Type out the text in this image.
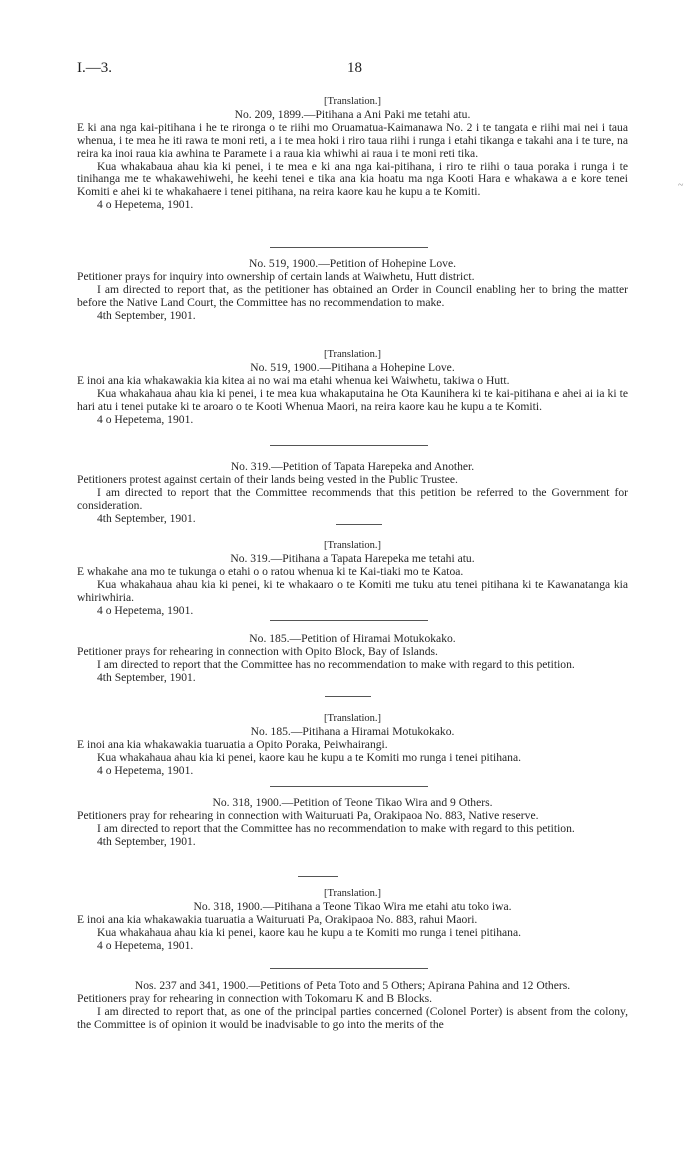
I.—3.	18

[Translation.]

No. 209, 1899.—Pitihana a Ani Paki me tetahi atu.

E ki ana nga kai-pitihana i he te rironga o te riihi mo Oruamatua-Kaimanawa No. 2 i te tangata e riihi mai nei i taua whenua, i te mea he iti rawa te moni reti, a i te mea hoki i riro taua riihi i runga i etahi tikanga e takahi ana i te ture, na reira ka inoi raua kia awhina te Paramete i a raua kia whiwhi ai raua i te moni reti tika.

Kua whakabaua ahau kia ki penei, i te mea e ki ana nga kai-pitihana, i riro te riihi o taua poraka i runga i te tinihanga me te whakawehiwehi, he keehi tenei e tika ana kia hoatu ma nga Kooti Hara e whakawa a e kore tenei Komiti e ahei ki te whakahaere i tenei pitihana, na reira kaore kau he kupu a te Komiti.

4 o Hepetema, 1901.

No. 519, 1900.—Petition of Hohepine Love.

Petitioner prays for inquiry into ownership of certain lands at Waiwhetu, Hutt district.

I am directed to report that, as the petitioner has obtained an Order in Council enabling her to bring the matter before the Native Land Court, the Committee has no recommendation to make.

4th September, 1901.

[Translation.]

No. 519, 1900.—Pitihana a Hohepine Love.

E inoi ana kia whakawakia kia kitea ai no wai ma etahi whenua kei Waiwhetu, takiwa o Hutt.

Kua whakahaua ahau kia ki penei, i te mea kua whakaputaina he Ota Kaunihera ki te kai-pitihana e ahei ai ia ki te hari atu i tenei putake ki te aroaro o te Kooti Whenua Maori, na reira kaore kau he kupu a te Komiti.

4 o Hepetema, 1901.

No. 319.—Petition of Tapata Harepeka and Another.

Petitioners protest against certain of their lands being vested in the Public Trustee.

I am directed to report that the Committee recommends that this petition be referred to the Government for consideration.

4th September, 1901.

[Translation.]

No. 319.—Pitihana a Tapata Harepeka me tetahi atu.

E whakahe ana mo te tukunga o etahi o o ratou whenua ki te Kai-tiaki mo te Katoa.

Kua whakahaua ahau kia ki penei, ki te whakaaro o te Komiti me tuku atu tenei pitihana ki te Kawanatanga kia whiriwhiria.

4 o Hepetema, 1901.

No. 185.—Petition of Hiramai Motukokako.

Petitioner prays for rehearing in connection with Opito Block, Bay of Islands.

I am directed to report that the Committee has no recommendation to make with regard to this petition.

4th September, 1901.

[Translation.]

No. 185.—Pitihana a Hiramai Motukokako.

E inoi ana kia whakawakia tuaruatia a Opito Poraka, Peiwhairangi.

Kua whakahaua ahau kia ki penei, kaore kau he kupu a te Komiti mo runga i tenei pitihana.

4 o Hepetema, 1901.

No. 318, 1900.—Petition of Teone Tikao Wira and 9 Others.

Petitioners pray for rehearing in connection with Waituruati Pa, Orakipaoa No. 883, Native reserve.

I am directed to report that the Committee has no recommendation to make with regard to this petition.

4th September, 1901.

[Translation.]

No. 318, 1900.—Pitihana a Teone Tikao Wira me etahi atu toko iwa.

E inoi ana kia whakawakia tuaruatia a Waituruati Pa, Orakipaoa No. 883, rahui Maori.

Kua whakahaua ahau kia ki penei, kaore kau he kupu a te Komiti mo runga i tenei pitihana.

4 o Hepetema, 1901.

Nos. 237 and 341, 1900.—Petitions of Peta Toto and 5 Others; Apirana Pahina and 12 Others.

Petitioners pray for rehearing in connection with Tokomaru K and B Blocks.

I am directed to report that, as one of the principal parties concerned (Colonel Porter) is absent from the colony, the Committee is of opinion it would be inadvisable to go into the merits of the

~
